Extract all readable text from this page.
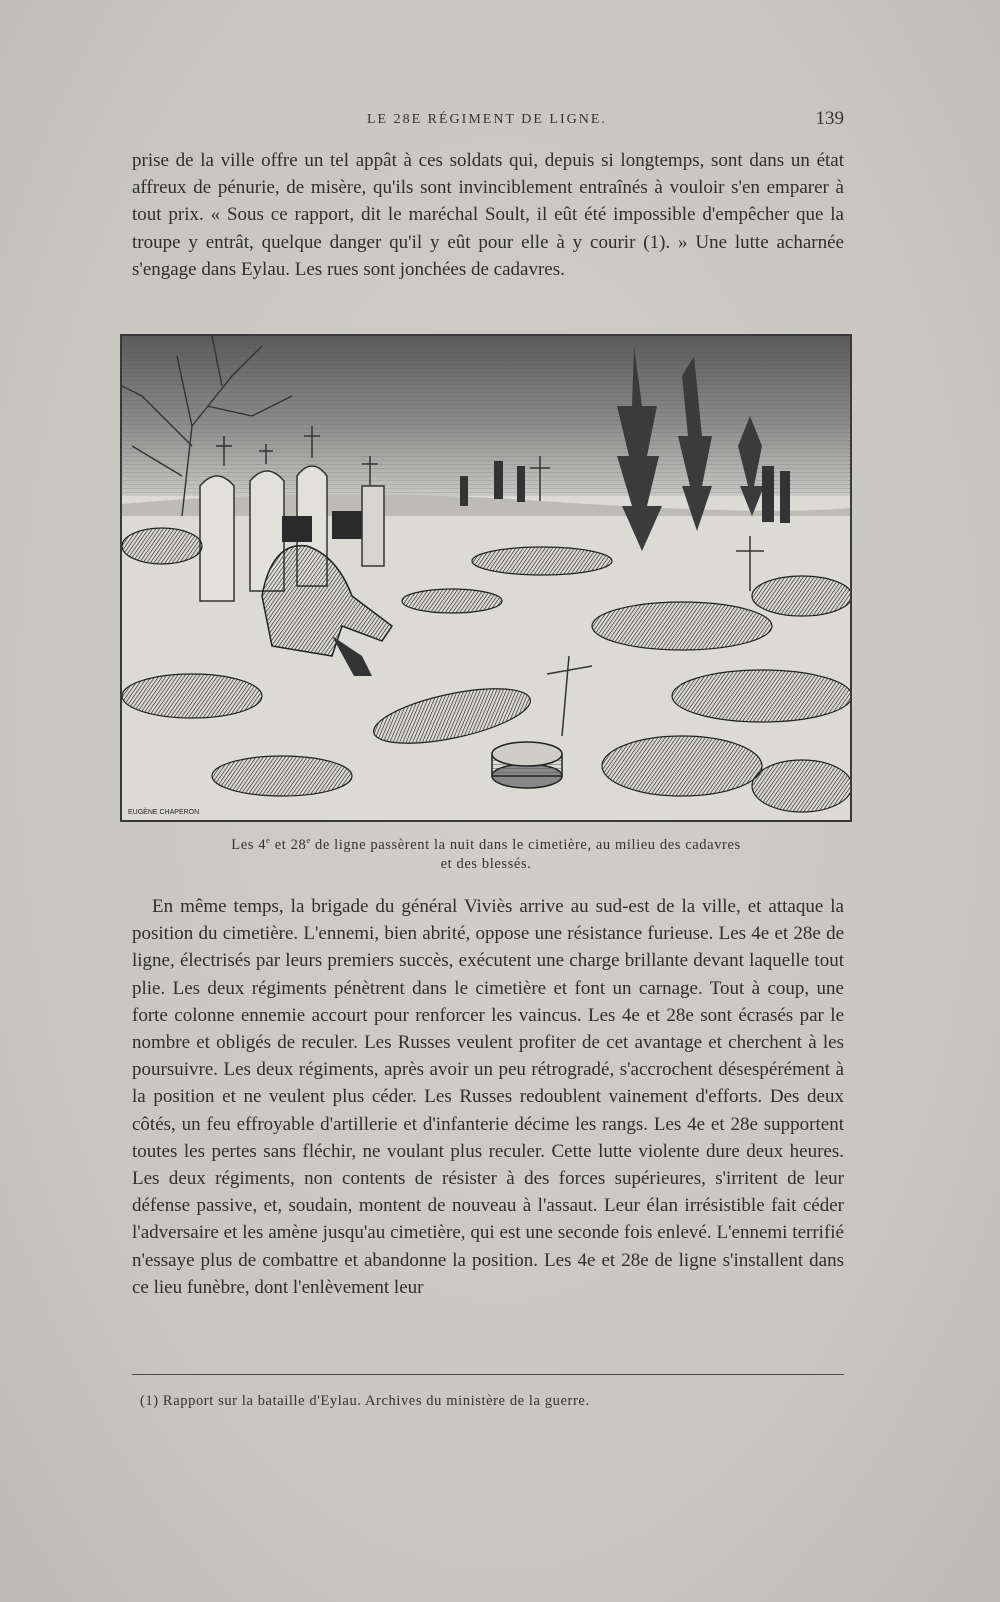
LE 28E RÉGIMENT DE LIGNE.	139

prise de la ville offre un tel appât à ces soldats qui, depuis si longtemps, sont dans un état affreux de pénurie, de misère, qu'ils sont invinciblement entraînés à vouloir s'en emparer à tout prix. « Sous ce rapport, dit le maréchal Soult, il eût été impossible d'empêcher que la troupe y entrât, quelque danger qu'il y eût pour elle à y courir (1). » Une lutte acharnée s'engage dans Eylau. Les rues sont jonchées de cadavres.

EUGÈNE CHAPERON

Les 4e et 28e de ligne passèrent la nuit dans le cimetière, au milieu des cadavres
et des blessés.

En même temps, la brigade du général Viviès arrive au sud-est de la ville, et attaque la position du cimetière. L'ennemi, bien abrité, oppose une résistance furieuse. Les 4e et 28e de ligne, électrisés par leurs premiers succès, exécutent une charge brillante devant laquelle tout plie. Les deux régiments pénètrent dans le cimetière et font un carnage. Tout à coup, une forte colonne ennemie accourt pour renforcer les vaincus. Les 4e et 28e sont écrasés par le nombre et obligés de reculer. Les Russes veulent profiter de cet avantage et cherchent à les poursuivre. Les deux régiments, après avoir un peu rétrogradé, s'accrochent désespérément à la position et ne veulent plus céder. Les Russes redoublent vainement d'efforts. Des deux côtés, un feu effroyable d'artillerie et d'infanterie décime les rangs. Les 4e et 28e supportent toutes les pertes sans fléchir, ne voulant plus reculer. Cette lutte violente dure deux heures. Les deux régiments, non contents de résister à des forces supérieures, s'irritent de leur défense passive, et, soudain, montent de nouveau à l'assaut. Leur élan irrésistible fait céder l'adversaire et les amène jusqu'au cimetière, qui est une seconde fois enlevé. L'ennemi terrifié n'essaye plus de combattre et abandonne la position. Les 4e et 28e de ligne s'installent dans ce lieu funèbre, dont l'enlèvement leur

(1) Rapport sur la bataille d'Eylau. Archives du ministère de la guerre.
